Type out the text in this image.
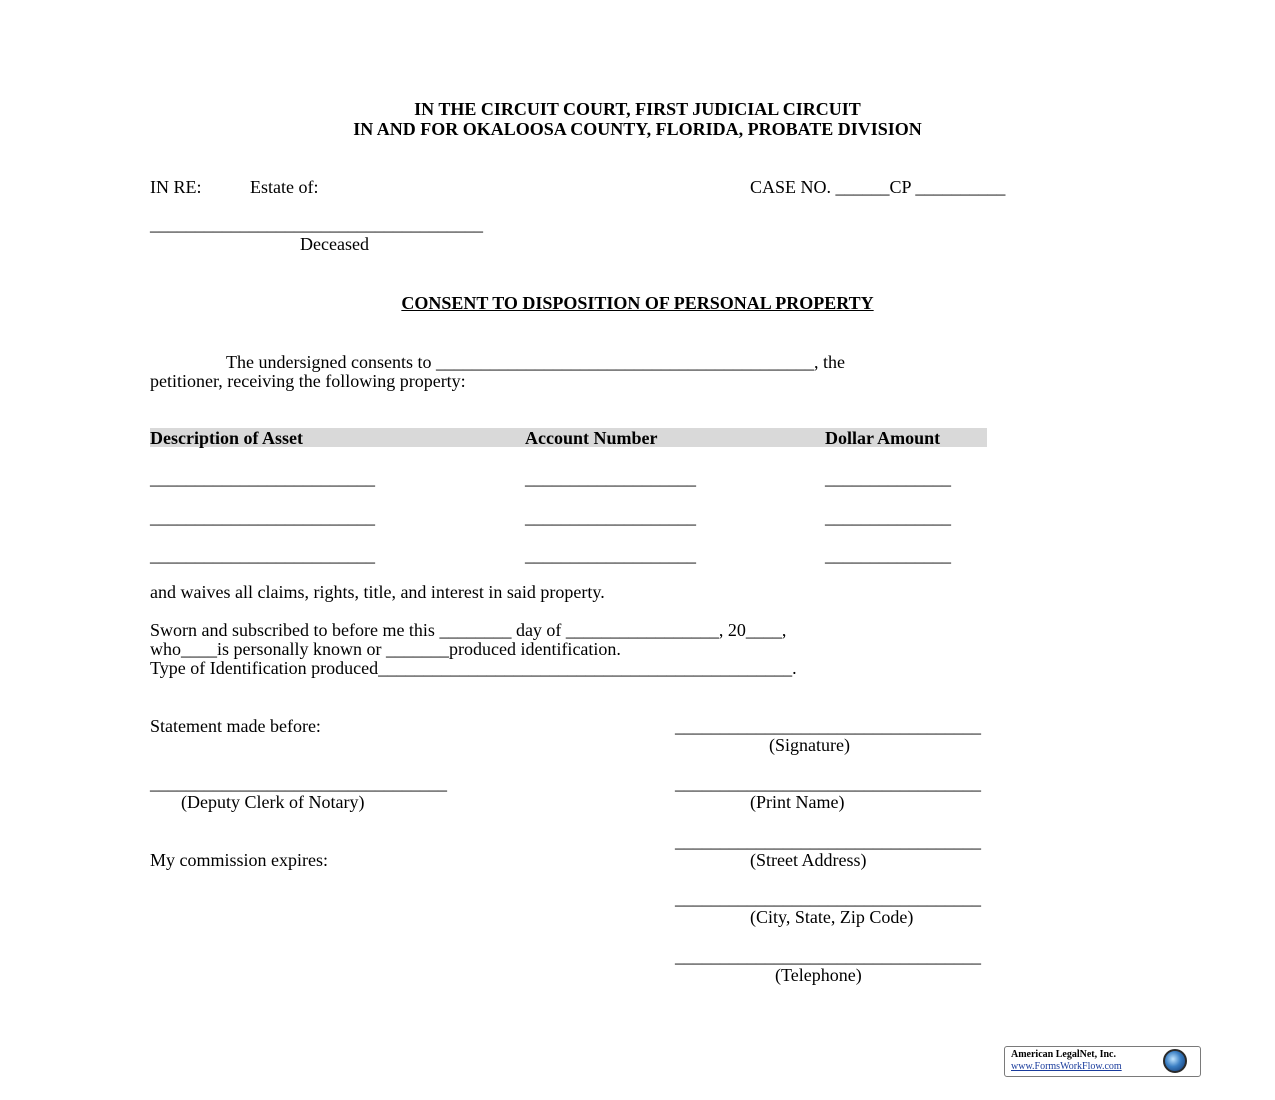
IN THE CIRCUIT COURT, FIRST JUDICIAL CIRCUIT
IN AND FOR OKALOOSA COUNTY, FLORIDA, PROBATE DIVISION
IN RE:	Estate of:	CASE NO. ______CP __________
_____________________________________
Deceased
CONSENT TO DISPOSITION OF PERSONAL PROPERTY
The undersigned consents to __________________________________________, the
petitioner, receiving the following property:
Description of Asset	Account Number	Dollar Amount
_________________________	___________________	______________
_________________________	___________________	______________
_________________________	___________________	______________
and waives all claims, rights, title, and interest in said property.
Sworn and subscribed to before me this ________ day of _________________, 20____,
who____is personally known or _______produced identification.
Type of Identification produced______________________________________________.
Statement made before:
_________________________________
(Deputy Clerk of Notary)
My commission expires:
__________________________________
(Signature)
__________________________________
(Print Name)
__________________________________
(Street Address)
__________________________________
(City, State, Zip Code)
__________________________________
(Telephone)
American LegalNet, Inc.
www.FormsWorkFlow.com
